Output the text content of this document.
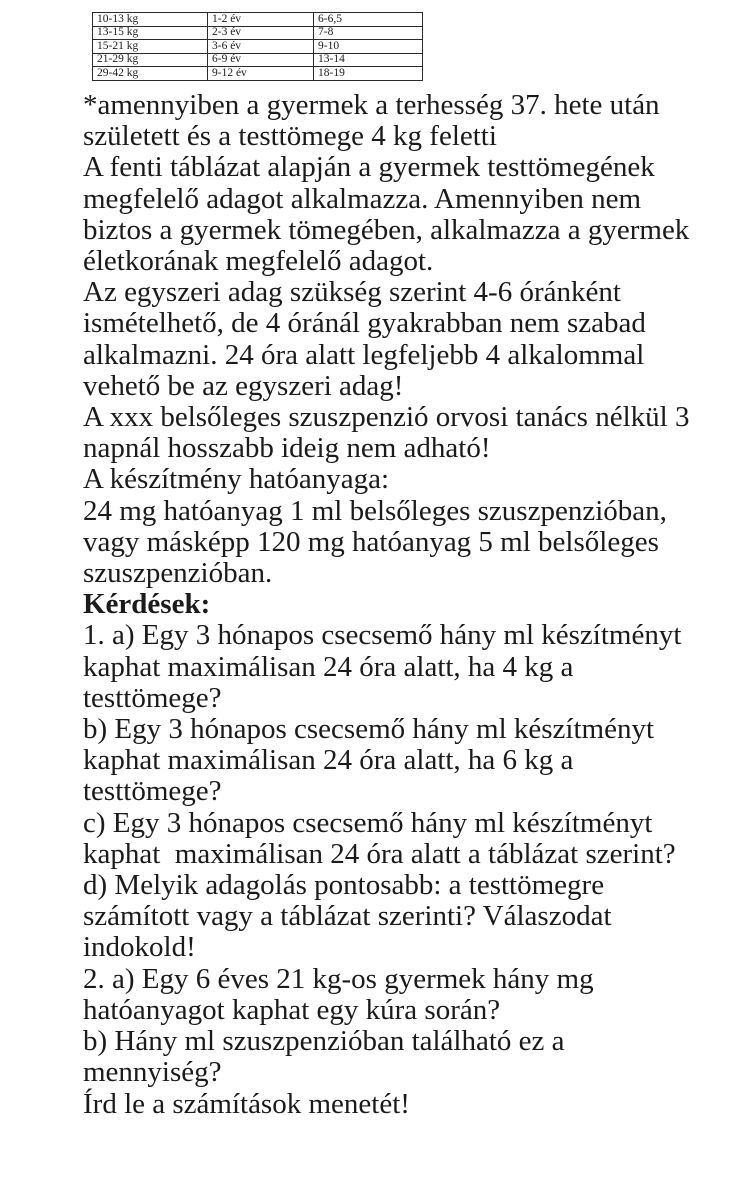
10-13 kg	1-2 év	6-6,5
13-15 kg	2-3 év	7-8
15-21 kg	3-6 év	9-10
21-29 kg	6-9 év	13-14
29-42 kg	9-12 év	18-19
*amennyiben a gyermek a terhesség 37. hete után
született és a testtömege 4 kg feletti
A fenti táblázat alapján a gyermek testtömegének
megfelelő adagot alkalmazza. Amennyiben nem
biztos a gyermek tömegében, alkalmazza a gyermek
életkorának megfelelő adagot.
Az egyszeri adag szükség szerint 4-6 óránként
ismételhető, de 4 óránál gyakrabban nem szabad
alkalmazni. 24 óra alatt legfeljebb 4 alkalommal
vehető be az egyszeri adag!
A xxx belsőleges szuszpenzió orvosi tanács nélkül 3
napnál hosszabb ideig nem adható!
A készítmény hatóanyaga:
24 mg hatóanyag 1 ml belsőleges szuszpenzióban,
vagy másképp 120 mg hatóanyag 5 ml belsőleges
szuszpenzióban.
Kérdések:
1. a) Egy 3 hónapos csecsemő hány ml készítményt
kaphat maximálisan 24 óra alatt, ha 4 kg a
testtömege?
b) Egy 3 hónapos csecsemő hány ml készítményt
kaphat maximálisan 24 óra alatt, ha 6 kg a
testtömege?
c) Egy 3 hónapos csecsemő hány ml készítményt
kaphat  maximálisan 24 óra alatt a táblázat szerint?
d) Melyik adagolás pontosabb: a testtömegre
számított vagy a táblázat szerinti? Válaszodat
indokold!
2. a) Egy 6 éves 21 kg-os gyermek hány mg
hatóanyagot kaphat egy kúra során?
b) Hány ml szuszpenzióban található ez a
mennyiség?
Írd le a számítások menetét!
